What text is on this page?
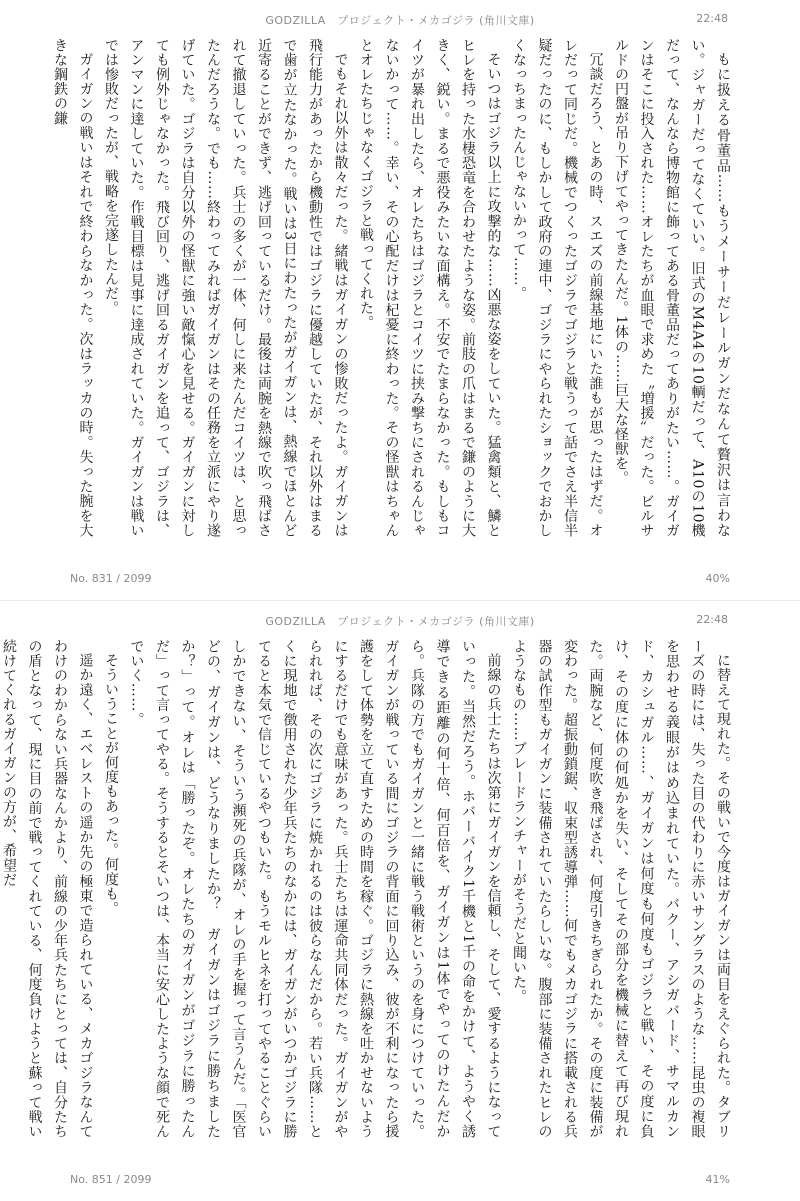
GODZILLA　プロジェクト・メカゴジラ (角川文庫)	22:48

もに扱える骨董品……もうメーサーだレールガンだなんて贅沢は言わない。ジャガーだってなくていい。旧式のM4A4の10輌だって、A10の10機だって、なんなら博物館に飾ってある骨董品だってありがたい……。ガイガンはそこに投入された……オレたちが血眼で求めた〝増援〟だった。ビルサルドの円盤が吊り下げてやってきたんだ。1体の……巨大な怪獣を。

冗談だろう、とあの時、スエズの前線基地にいた誰もが思ったはずだ。オレだって同じだ。機械でつくったゴジラでゴジラと戦うって話でさえ半信半疑だったのに、もしかして政府の連中、ゴジラにやられたショックでおかしくなっちまったんじゃないかって……。

そいつはゴジラ以上に攻撃的な……凶悪な姿をしていた。猛禽類と、鱗とヒレを持った水棲恐竜を合わせたような姿。前肢の爪はまるで鎌のように大きく、鋭い。まるで悪役みたいな面構え。不安でたまらなかった。もしもコイツが暴れ出したら、オレたちはゴジラとコイツに挟み撃ちにされるんじゃないかって……。幸い、その心配だけは杞憂に終わった。その怪獣はちゃんとオレたちじゃなくゴジラと戦ってくれた。

でもそれ以外は散々だった。緒戦はガイガンの惨敗だったよ。ガイガンは飛行能力があったから機動性ではゴジラに優越していたが、それ以外はまるで歯が立たなかった。戦いは3日にわたったがガイガンは、熱線でほとんど近寄ることができず、逃げ回っているだけ。最後は両腕を熱線で吹っ飛ばされて撤退していった。兵士の多くが一体、何しに来たんだコイツは、と思ったんだろうな。でも……終わってみればガイガンはその任務を立派にやり遂げていた。ゴジラは自分以外の怪獣に強い敵愾心を見せる。ガイガンに対しても例外じゃなかった。飛び回り、逃げ回るガイガンを追って、ゴジラは、アンマンに達していた。作戦目標は見事に達成されていた。ガイガンは戦いでは惨敗だったが、戦略を完遂したんだ。

ガイガンの戦いはそれで終わらなかった。次はラッカの時。失った腕を大きな鋼鉄の鎌

No. 831 / 2099	40%
GODZILLA　プロジェクト・メカゴジラ (角川文庫)	22:48

に替えて現れた。その戦いで今度はガイガンは両目をえぐられた。タブリーズの時には、失った目の代わりに赤いサングラスのような……昆虫の複眼を思わせる義眼がはめ込まれていた。バクー、アシガバード、サマルカンド、カシュガル……、ガイガンは何度も何度もゴジラと戦い、その度に負け、その度に体の何処かを失い、そしてその部分を機械に替えて再び現れた。両腕など、何度吹き飛ばされ、何度引きちぎられたか。その度に装備が変わった。超振動鎖鋸、収束型誘導弾……何でもメカゴジラに搭載される兵器の試作型もガイガンに装備されていたらしいな。腹部に装備されたヒレのようなもの……ブレードランチャーがそうだと聞いた。

前線の兵士たちは次第にガイガンを信頼し、そして、愛するようになっていった。当然だろう。ホバーバイク1千機と1千の命をかけて、ようやく誘導できる距離の何十倍、何百倍を、ガイガンは1体でやってのけたんだから。兵隊の方でもガイガンと一緒に戦う戦術というのを身につけていった。ガイガンが戦っている間にゴジラの背面に回り込み、彼が不利になったら援護をして体勢を立て直すための時間を稼ぐ。ゴジラに熱線を吐かせないようにするだけでも意味があった。兵士たちは運命共同体だった。ガイガンがやられれば、その次にゴジラに焼かれるのは彼らなんだから。若い兵隊……とくに現地で徴用された少年兵たちのなかには、ガイガンがいつかゴジラに勝てると本気で信じているやつもいた。もうモルヒネを打ってやることぐらいしかできない、そういう瀕死の兵隊が、オレの手を握って言うんだ。「医官どの、ガイガンは、どうなりましたか？　ガイガンはゴジラに勝ちましたか？」って。オレは「勝ったぞ。オレたちのガイガンがゴジラに勝ったんだ」って言ってやる。そうするとそいつは、本当に安心したような顔で死んでいく……。

そういうことが何度もあった。何度も。

遥か遠く、エベレストの遥か先の極東で造られている、メカゴジラなんてわけのわからない兵器なんかより、前線の少年兵たちにとっては、自分たちの盾となって、現に目の前で戦ってくれている、何度負けようと蘇って戦い続けてくれるガイガンの方が、希望だ

No. 851 / 2099	41%
